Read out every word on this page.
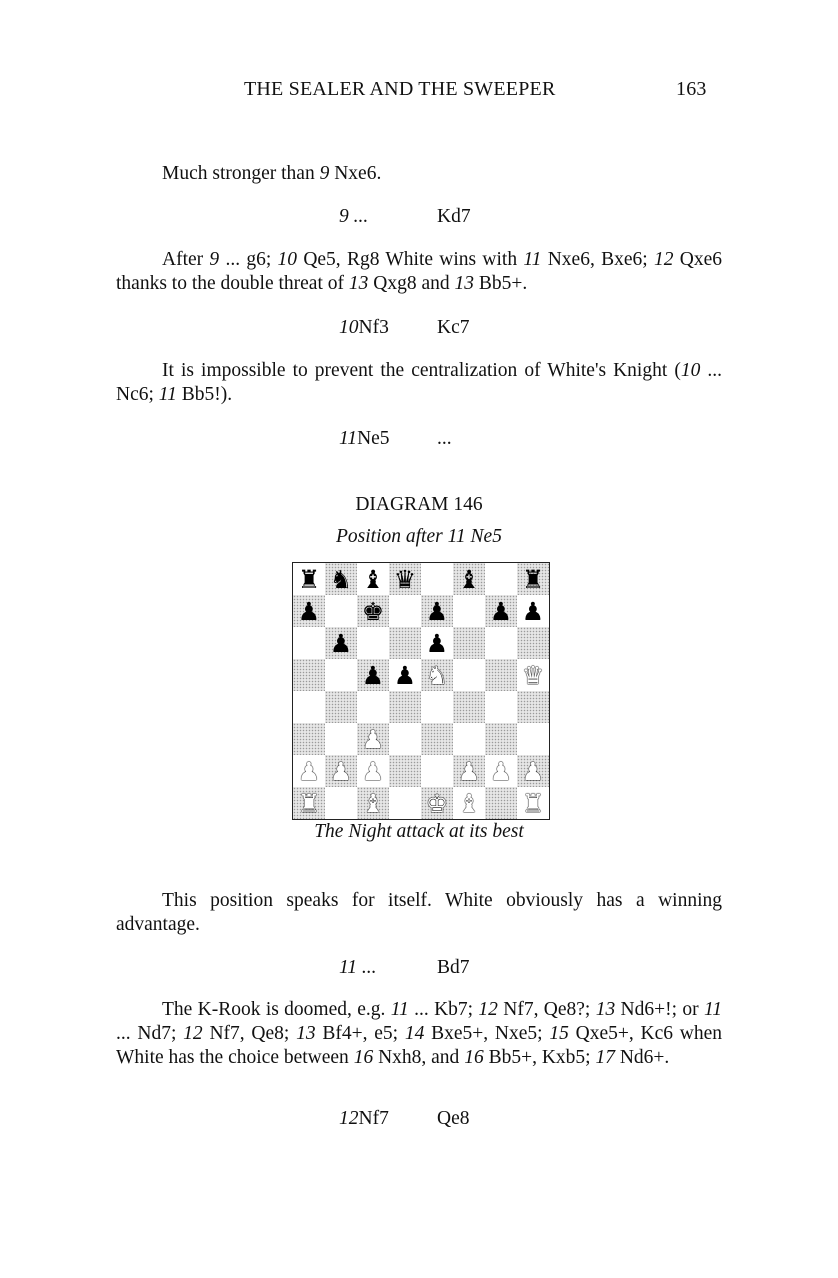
THE SEALER AND THE SWEEPER	163
Much stronger than 9 Nxe6.
9 ...	Kd7
After 9 ... g6; 10 Qe5, Rg8 White wins with 11 Nxe6, Bxe6; 12 Qxe6 thanks to the double threat of 13 Qxg8 and 13 Bb5+.
10Nf3 Kc7
It is impossible to prevent the centralization of White's Knight (10 ... Nc6; 11 Bb5!).
11Ne5 ...
DIAGRAM 146
Position after 11 Ne5
♜ ♞ ♝ ♛ ♝ ♜
♟ ♚ ♟ ♟ ♟
♟	♟
♟ ♟ ♞	♛
♟
♟ ♟ ♟	♟ ♟ ♟
♜ ♝ ♚ ♝ ♜
The Night attack at its best
This position speaks for itself. White obviously has a winning advantage.
11 ...	Bd7
The K-Rook is doomed, e.g. 11 ... Kb7; 12 Nf7, Qe8?; 13 Nd6+!; or 11 ... Nd7; 12 Nf7, Qe8; 13 Bf4+, e5; 14 Bxe5+, Nxe5; 15 Qxe5+, Kc6 when White has the choice between 16 Nxh8, and 16 Bb5+, Kxb5; 17 Nd6+.
12Nf7 Qe8
